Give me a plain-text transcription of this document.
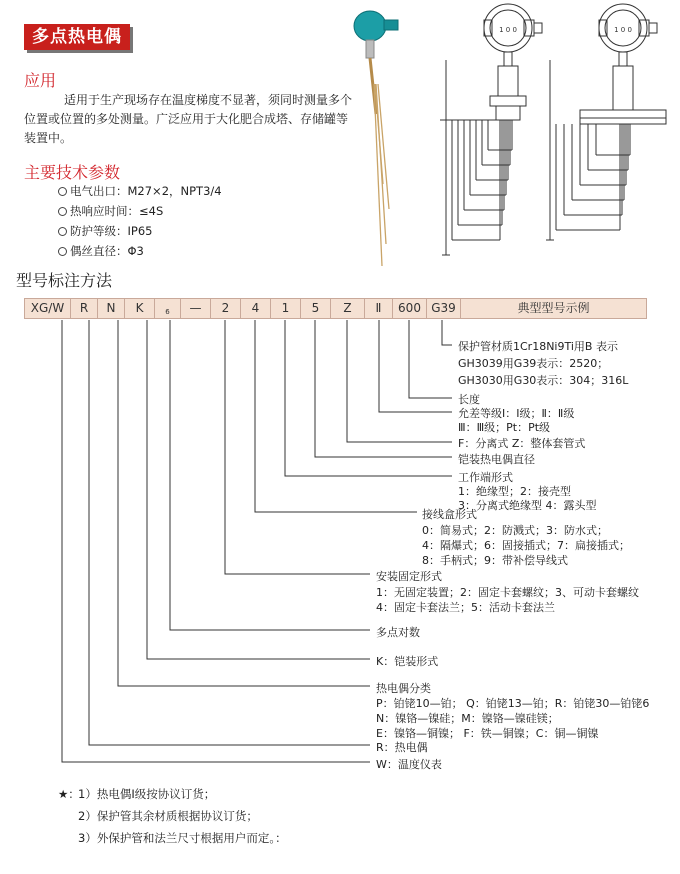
多点热电偶
应用
适用于生产现场存在温度梯度不显著，须同时测量多个位置或位置的多处测量。广泛应用于大化肥合成塔、存储罐等装置中。
主要技术参数
电气出口：M27×2，NPT3/4
热响应时间：≤4S
防护等级：IP65
偶丝直径：Φ3
1 0 0	1 0 0
型号标注方法
XG/W	R	N	K	6	—	2	4	1	5	Z	Ⅱ	600 G39	典型型号示例
保护管材质1Cr18Ni9Ti用B 表示
GH3039用G39表示：2520；
GH3030用G30表示：304；316L
长度
允差等级Ⅰ：Ⅰ级；Ⅱ：Ⅱ级
Ⅲ：Ⅲ级；Pt：Pt级
F：分离式 Z：整体套管式
铠装热电偶直径
工作端形式
1：绝缘型；2：接壳型
3：分离式绝缘型 4：露头型
接线盒形式
0：简易式；2：防溅式；3：防水式；
4：隔爆式；6：固接插式；7：扁接插式；
8：手柄式；9：带补偿导线式
安装固定形式
1：无固定装置；2：固定卡套螺纹；3、可动卡套螺纹
4：固定卡套法兰；5：活动卡套法兰
多点对数
K：铠装形式
热电偶分类
P：铂铑10—铂； Q：铂铑13—铂；R：铂铑30—铂铑6
N：镍铬—镍硅；M：镍铬—镍硅镁；
E：镍铬—铜镍； F：铁—铜镍；C：铜—铜镍
R：热电偶
W：温度仪表
★：
1）热电偶Ⅰ级按协议订货；
2）保护管其余材质根据协议订货；
3）外保护管和法兰尺寸根据用户而定。：
